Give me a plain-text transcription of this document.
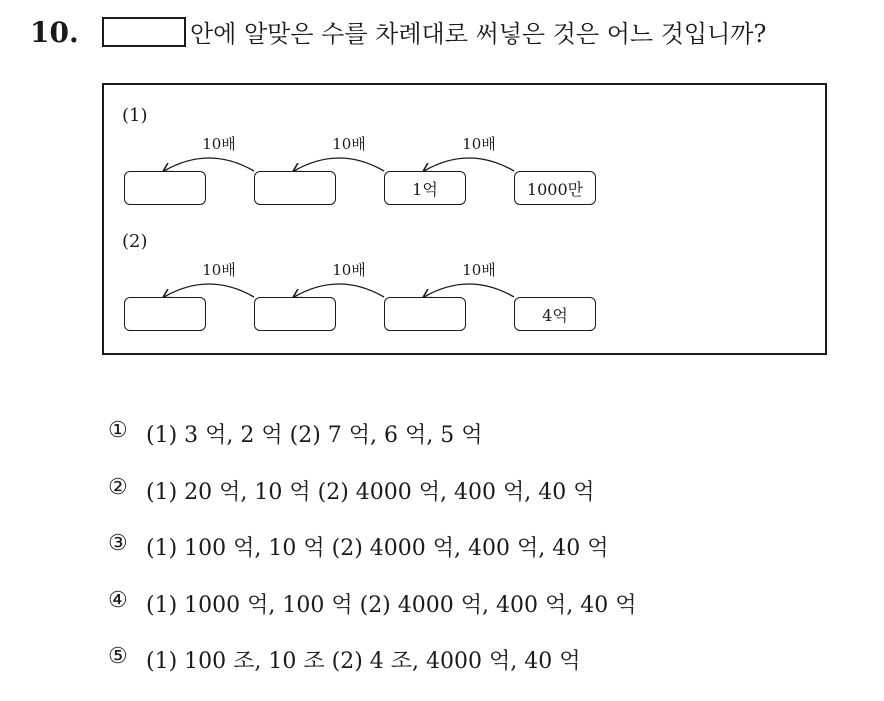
10.	안에 알맞은 수를 차례대로 써넣은 것은 어느 것입니까?
(1)
10배	10배	10배
1억	1000만
(2)
10배	10배	10배
4억
① (1) 3 억, 2 억 (2) 7 억, 6 억, 5 억
② (1) 20 억, 10 억 (2) 4000 억, 400 억, 40 억
③ (1) 100 억, 10 억 (2) 4000 억, 400 억, 40 억
④ (1) 1000 억, 100 억 (2) 4000 억, 400 억, 40 억
⑤ (1) 100 조, 10 조 (2) 4 조, 4000 억, 40 억
